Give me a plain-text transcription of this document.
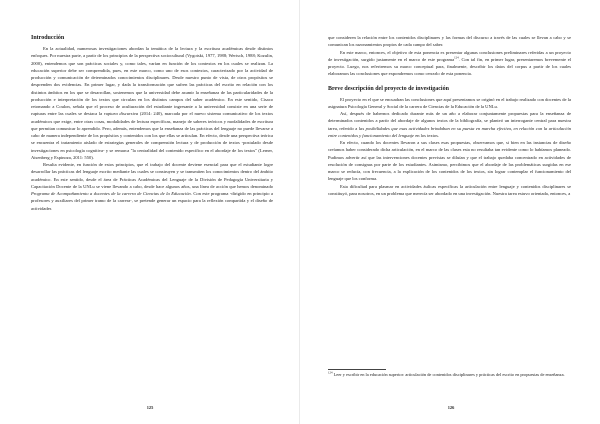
Introducción

En la actualidad, numerosas investigaciones abordan la temática de la lectura y la escritura académicas desde distintos enfoques. Por nuestra parte, a partir de los principios de la perspectiva sociocultural (Vygotski, 1977, 1988; Wertsch, 1988; Kozulin, 2000), entendemos que son prácticas sociales y, como tales, varían en función de los contextos en los cuales se realizan. La educación superior debe ser comprendida, pues, en este marco, como uno de esos contextos, caracterizado por la actividad de producción y comunicación de determinados conocimientos disciplinares. Desde nuestro punto de vista, de otros propósitos se desprenden dos evidencias. En primer lugar, y dada la transformación que sufren las prácticas del escrito en relación con los distintos ámbitos en los que se desarrollan, sostenemos que la universidad debe asumir la enseñanza de las particularidades de la producción e interpretación de los textos que circulan en los distintos campos del saber académico. En este sentido, Cisaco retomando a Coulon, señala que el proceso de aculturación del estudiante ingresante a la universidad consiste en una serie de rupturas entre las cuales se destaca la ruptura discursiva (2014: 240), marcada por el nuevo sistema comunicativo de los textos académicos que exige, entre otras cosas, modalidades de lectura específicas, manejo de saberes teóricos y modalidades de escritura que permitan comunicar lo aprendido. Pero, además, entendemos que la enseñanza de las prácticas del lenguaje no puede llevarse a cabo de manera independiente de los propósitos y contenidos con los que ellas se articulan. En efecto, desde una perspectiva teórica se encuentra el tratamiento aislado de estrategias generales de comprensión lectura y de producción de textos -postulado desde investigaciones en psicología cognitiva- y se remarca "la centralidad del contenido específico en el abordaje de los textos" (Lerner, Aisenberg y Espinoza, 2011: 550).

Resulta evidente, en función de estos principios, que el trabajo del docente deviene esencial para que el estudiante logre desarrollar las prácticas del lenguaje escrito mediante las cuales se construyen y se transmiten los conocimientos dentro del ámbito académico. En este sentido, desde el área de Prácticas Académicas del Lenguaje de la División de Pedagogía Universitaria y Capacitación Docente de la UNLu se viene llevando a cabo, desde hace algunos años, una línea de acción que hemos denominado Programa de Acompañamiento a docentes de la carrera de Ciencias de la Educación. Con este programa -dirigido en principio a profesores y auxiliares del primer tramo de la carrera-, se pretende generar un espacio para la reflexión compartida y el diseño de actividades

125

que consideren la relación entre los contenidos disciplinares y las formas del discurso a través de las cuales se llevan a cabo y se comunican los razonamientos propios de cada campo del saber.

En este marco, entonces, el objetivo de esta ponencia es presentar algunas conclusiones preliminares referidas a un proyecto de investigación, surgido justamente en el marco de este programa$^{124}$. Con tal fin, en primer lugar, presentaremos brevemente el proyecto. Luego, nos referiremos su marco conceptual para, finalmente, describir los datos del corpus a partir de los cuales elaboramos las conclusiones que expondremos como cerrarlo de esta ponencia.

Breve descripción del proyecto de investigación

El proyecto en el que se encuadran las conclusiones que aquí presentamos se originó en el trabajo realizado con docentes de la asignatura Psicología General y Social de la carrera de Ciencias de la Educación de la UNLu.

Así, después de habernos dedicado durante más de un año a elaborar conjuntamente propuestas para la enseñanza de determinados contenidos a partir del abordaje de algunos textos de la bibliografía, se planteó un interrogante central para nuestra tarea, referido a las posibilidades que esas actividades brindaban en su puesta en marcha efectiva, en relación con la articulación entre contenidos y funcionamiento del lenguaje en los textos.

En efecto, cuando los docentes llevaron a sus clases esas propuestas, observamos que, si bien en las instancias de diseño creíamos haber considerado dicha articulación, en el marco de las clases esta no resultaba tan evidente como lo habíamos planeado. Pudimos advertir así que las intervenciones docentes previstas se diluían y que el trabajo quedaba concentrado en actividades de resolución de consignas por parte de los estudiantes. Asimismo, percibimos que el abordaje de las problemáticas surgidas en ese marco se reducía, con frecuencia, a la explicación de los contenidos de los textos, sin lograr contemplar el funcionamiento del lenguaje que los conforma.

Esta dificultad para plasmar en actividades áulicas específicas la articulación entre lenguaje y contenidos disciplinares se constituyó, para nosotros, en un problema que merecía ser abordado en una investigación. Nuestra tarea estuvo orientada, entonces, a

$^{124}$ Leer y escribir en la educación superior: articulación de contenidos disciplinares y prácticas del escrito en propuestas de enseñanza.
126
